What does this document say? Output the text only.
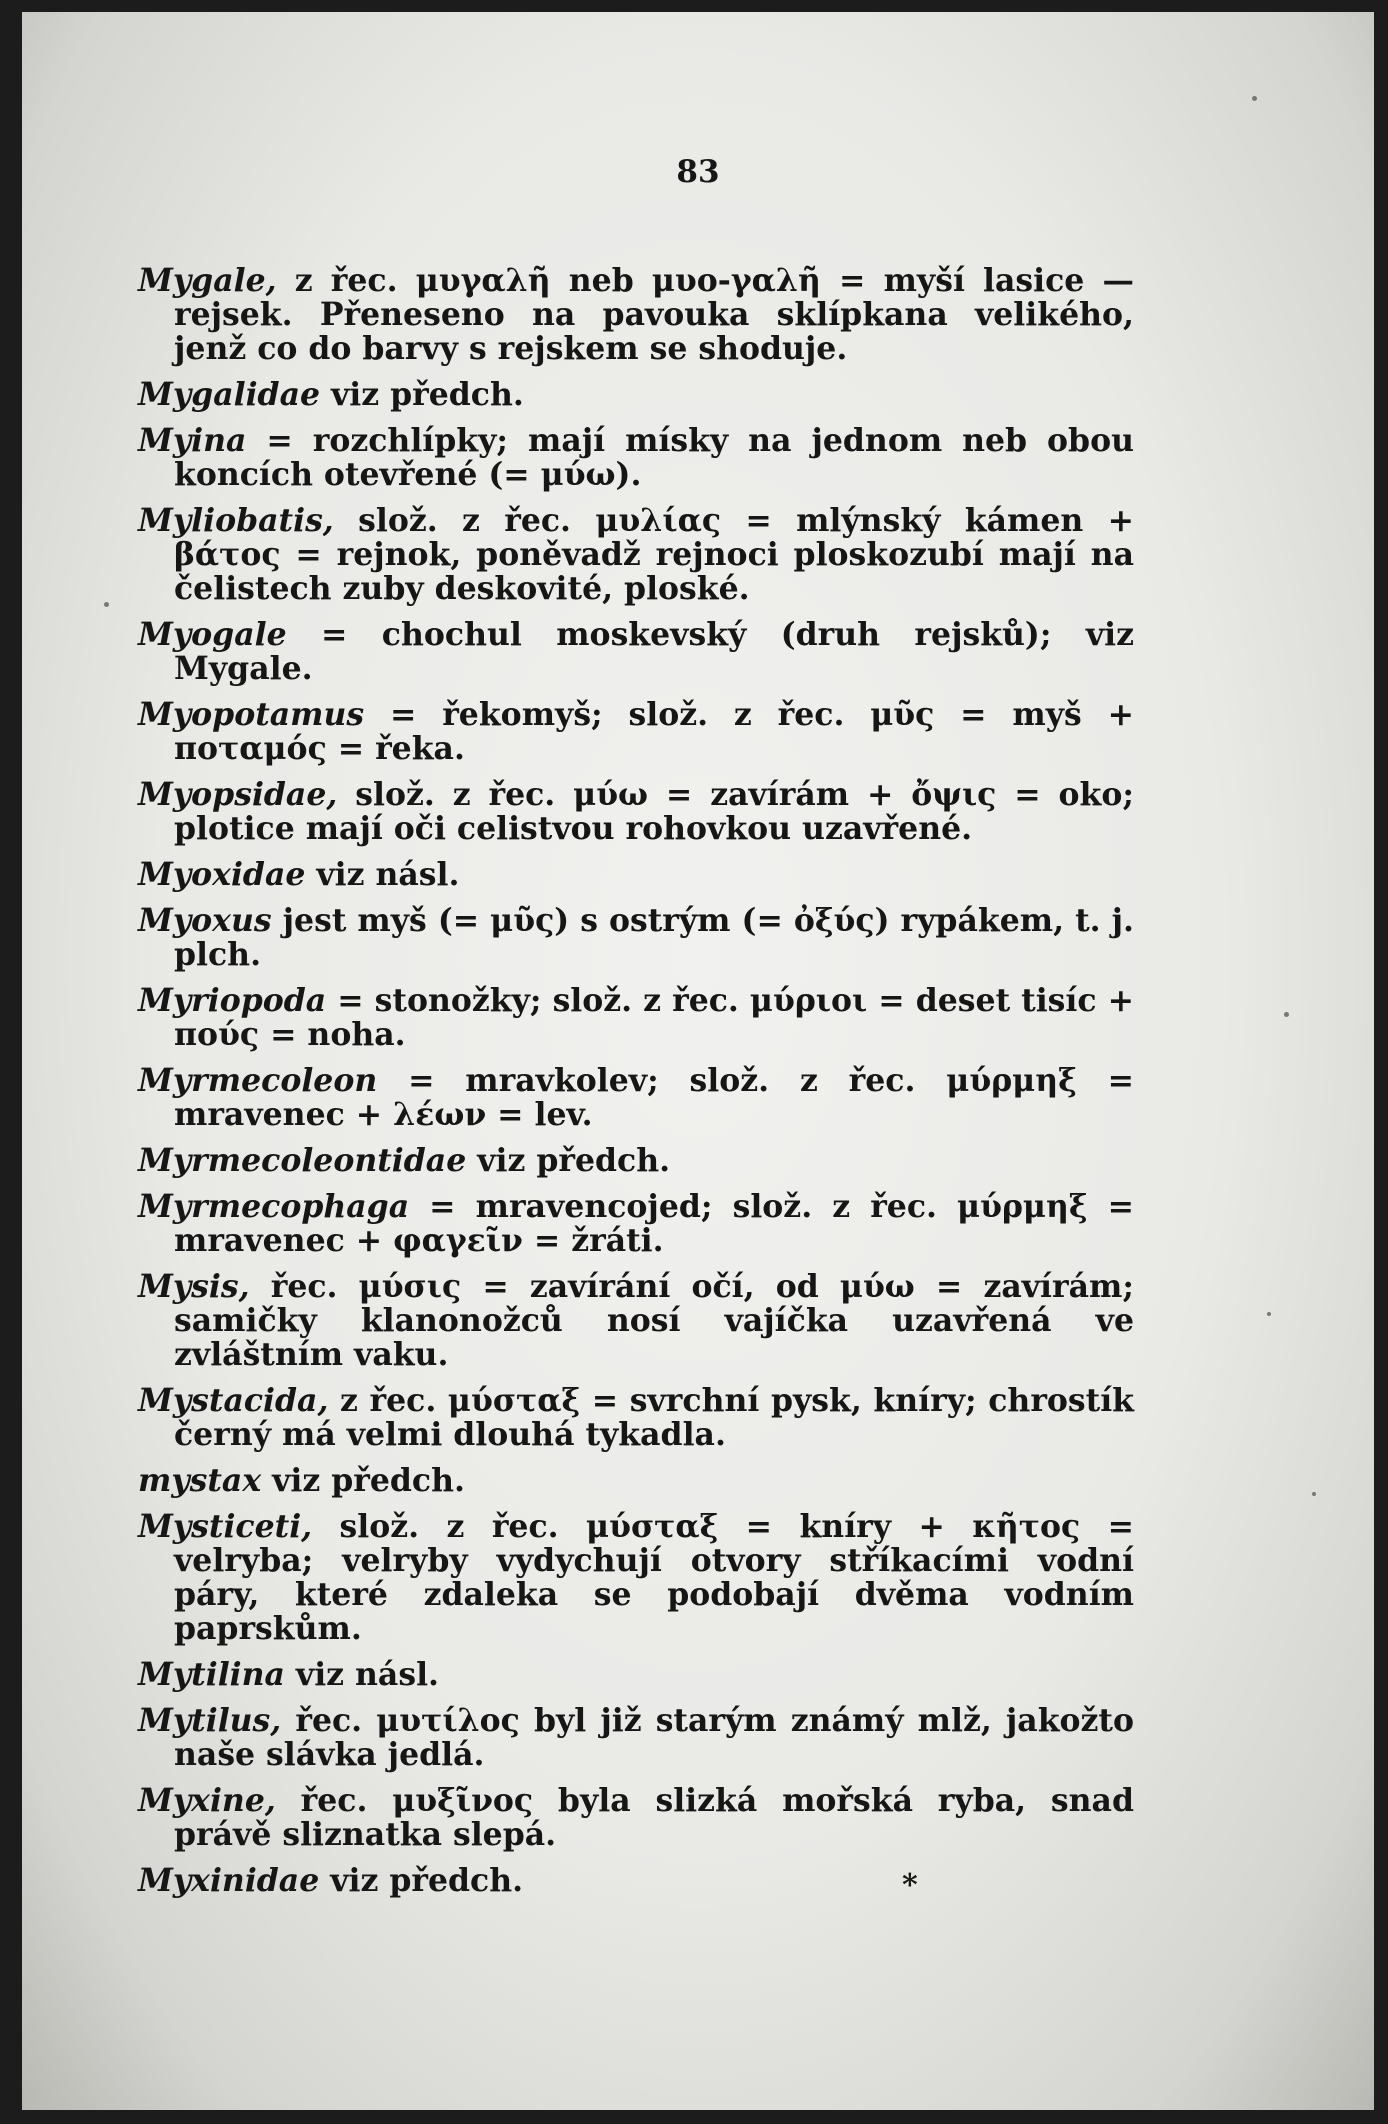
83

Mygale, z řec. μυγαλῆ neb μυο-γαλῆ = myší lasice — rejsek. Přeneseno na pavouka sklípkana velikého, jenž co do barvy s rejskem se shoduje.

Mygalidae viz předch.

Myina = rozchlípky; mají mísky na jednom neb obou koncích otevřené (= μύω).

Myliobatis, slož. z řec. μυλίας = mlýnský kámen + βάτος = rejnok, poněvadž rejnoci ploskozubí mají na čelistech zuby deskovité, ploské.

Myogale = chochul moskevský (druh rejsků); viz Mygale.

Myopotamus = řekomyš; slož. z řec. μῦς = myš + ποταμός = řeka.

Myopsidae, slož. z řec. μύω = zavírám + ὄψις = oko; plotice mají oči celistvou rohovkou uzavřené.

Myoxidae viz násl.

Myoxus jest myš (= μῦς) s ostrým (= ὀξύς) rypákem, t. j. plch.

Myriopoda = stonožky; slož. z řec. μύριοι = deset tisíc + πούς = noha.

Myrmecoleon = mravkolev; slož. z řec. μύρμηξ = mravenec + λέων = lev.

Myrmecoleontidae viz předch.

Myrmecophaga = mravencojed; slož. z řec. μύρμηξ = mravenec + φαγεῖν = žráti.

Mysis, řec. μύσις = zavírání očí, od μύω = zavírám; samičky klanonožců nosí vajíčka uzavřená ve zvláštním vaku.

Mystacida, z řec. μύσταξ = svrchní pysk, kníry; chrostík černý má velmi dlouhá tykadla.

mystax viz předch.

Mysticeti, slož. z řec. μύσταξ = kníry + κῆτος = velryba; velryby vydychují otvory stříkacími vodní páry, které zdaleka se podobají dvěma vodním paprskům.

Mytilina viz násl.

Mytilus, řec. μυτίλος byl již starým známý mlž, jakožto naše slávka jedlá.

Myxine, řec. μυξῖνος byla slizká mořská ryba, snad právě sliznatka slepá.

Myxinidae viz předch.	*
